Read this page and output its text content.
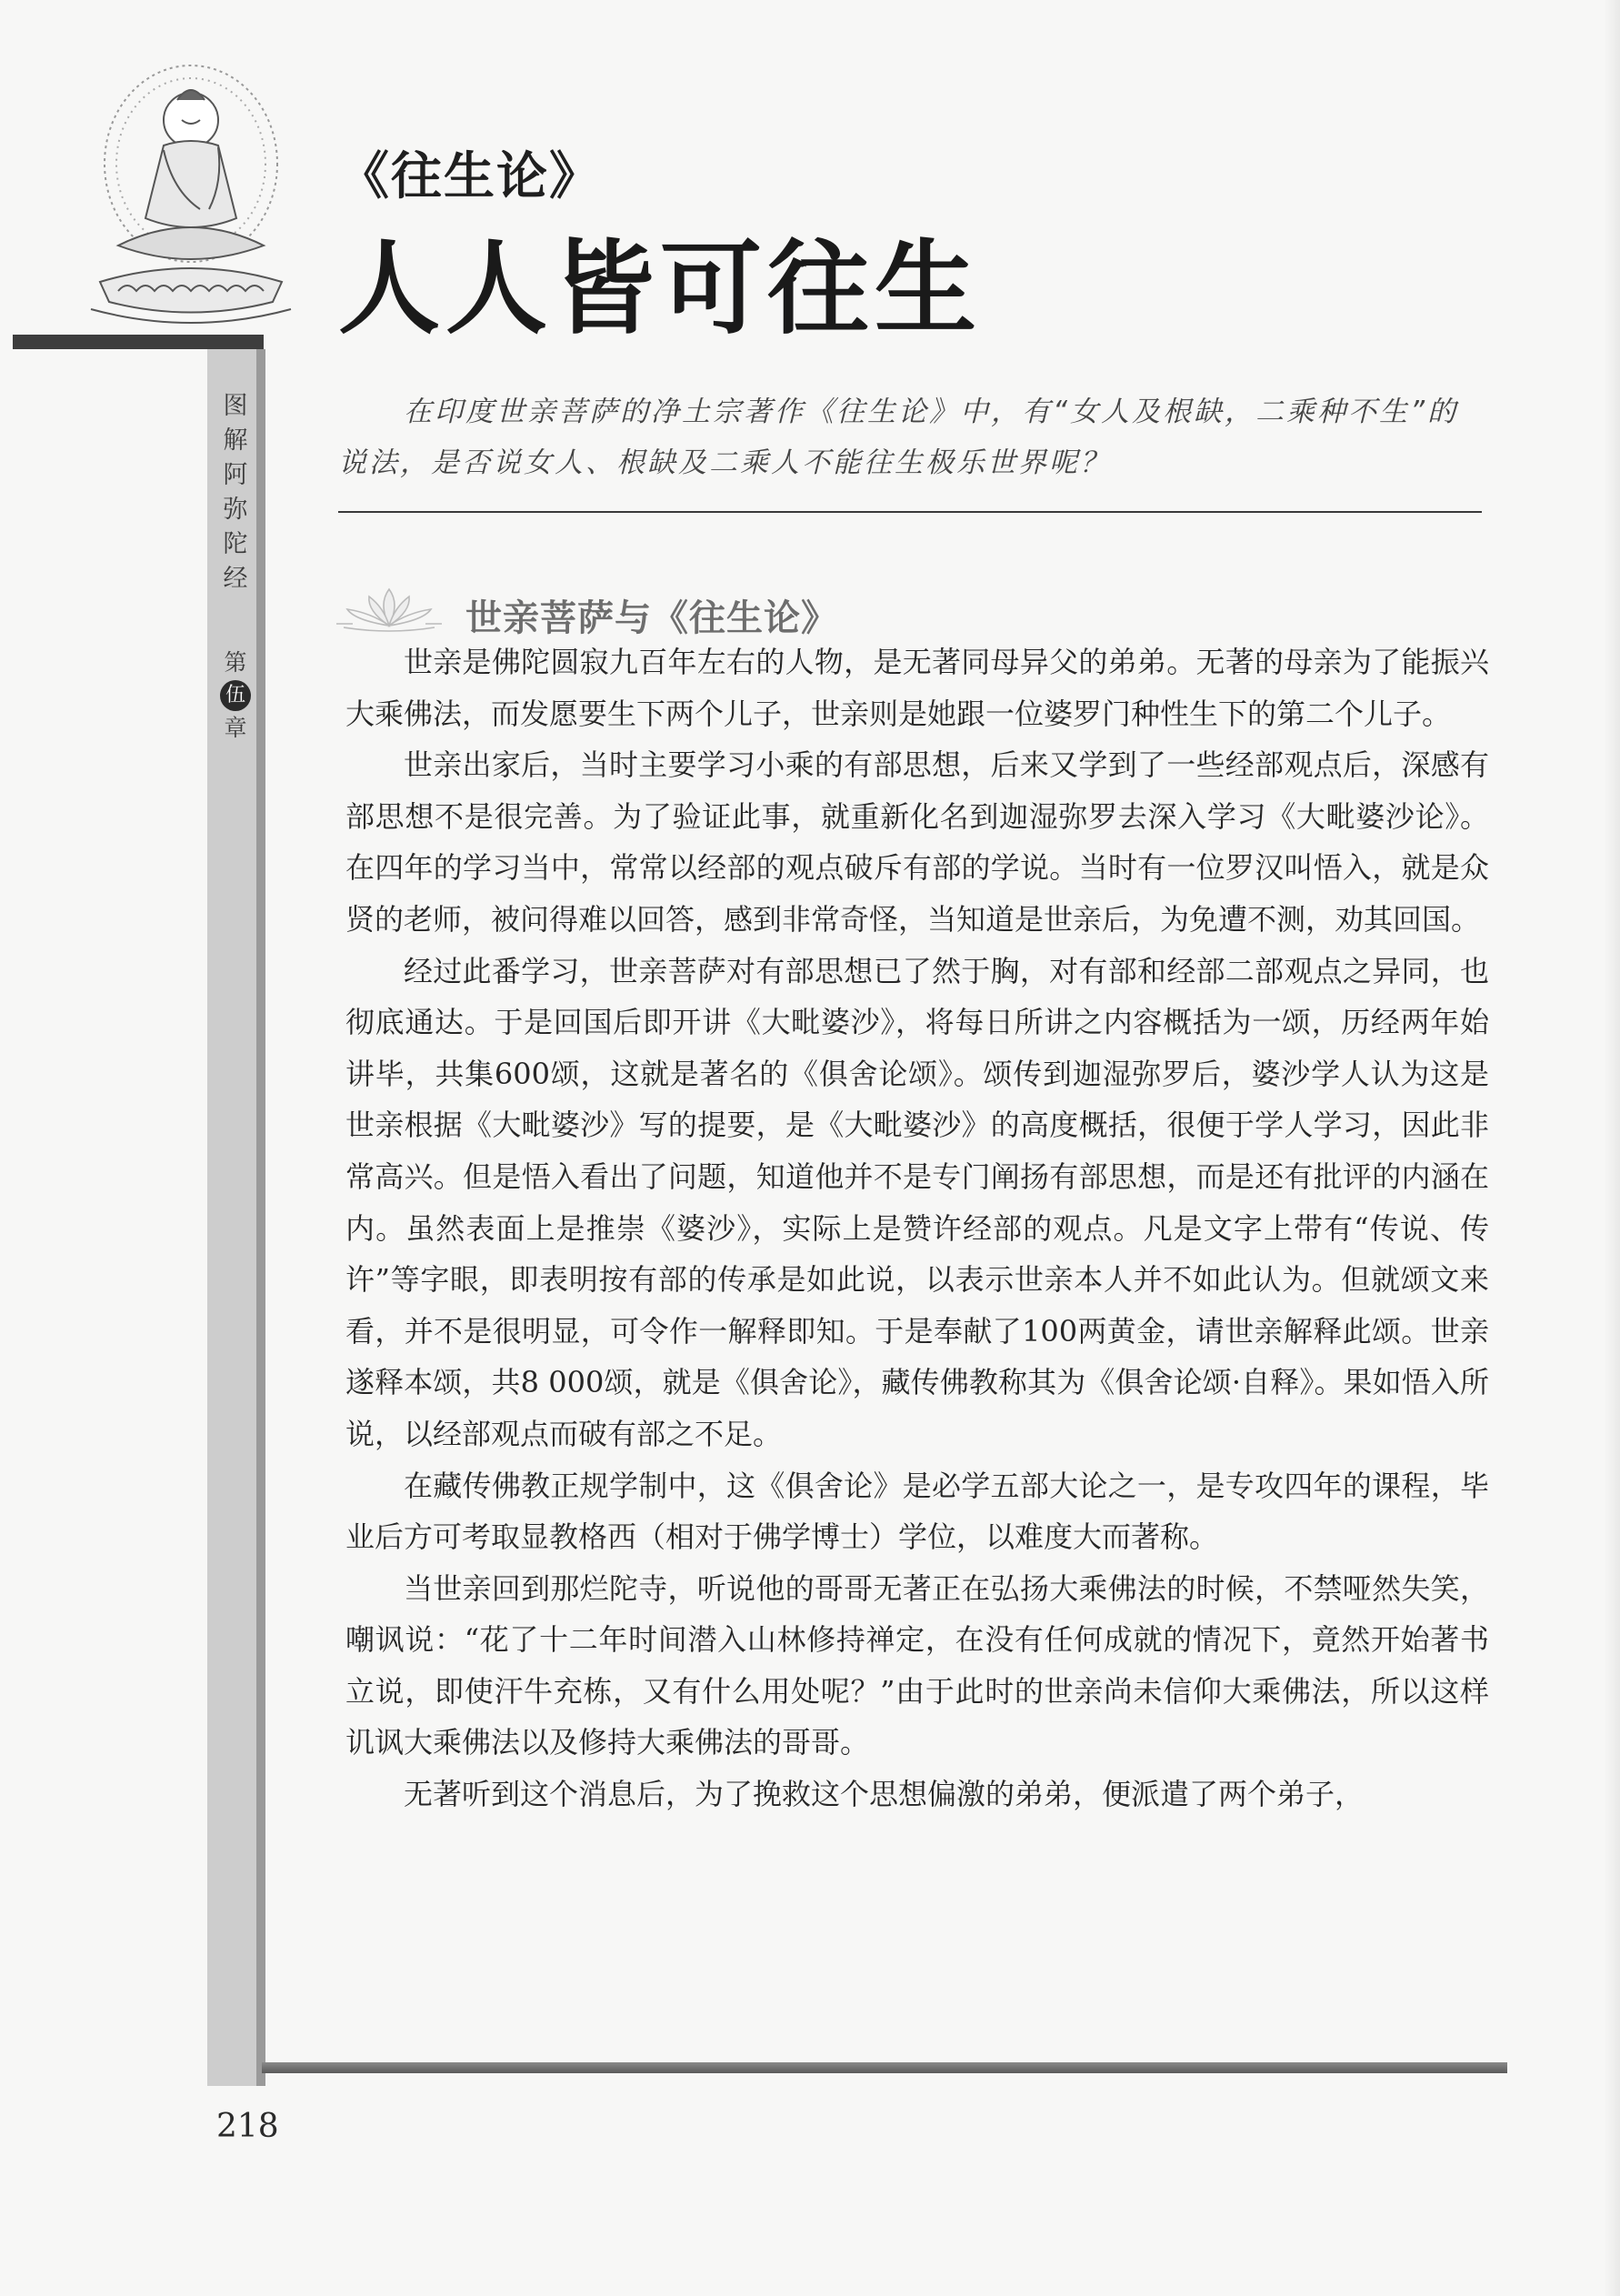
《往生论》
人人皆可往生
图
解
阿
弥
陀
经
第
伍
章

在印度世亲菩萨的净土宗著作《往生论》中，有“女人及根缺，二乘种不生”的说法，是否说女人、根缺及二乘人不能往生极乐世界呢？

世亲菩萨与《往生论》

世亲是佛陀圆寂九百年左右的人物，是无著同母异父的弟弟。无著的母亲为了能振兴大乘佛法，而发愿要生下两个儿子，世亲则是她跟一位婆罗门种性生下的第二个儿子。

世亲出家后，当时主要学习小乘的有部思想，后来又学到了一些经部观点后，深感有部思想不是很完善。为了验证此事，就重新化名到迦湿弥罗去深入学习《大毗婆沙论》。在四年的学习当中，常常以经部的观点破斥有部的学说。当时有一位罗汉叫悟入，就是众贤的老师，被问得难以回答，感到非常奇怪，当知道是世亲后，为免遭不测，劝其回国。

经过此番学习，世亲菩萨对有部思想已了然于胸，对有部和经部二部观点之异同，也彻底通达。于是回国后即开讲《大毗婆沙》，将每日所讲之内容概括为一颂，历经两年始讲毕，共集600颂，这就是著名的《俱舍论颂》。颂传到迦湿弥罗后，婆沙学人认为这是世亲根据《大毗婆沙》写的提要，是《大毗婆沙》的高度概括，很便于学人学习，因此非常高兴。但是悟入看出了问题，知道他并不是专门阐扬有部思想，而是还有批评的内涵在内。虽然表面上是推崇《婆沙》，实际上是赞许经部的观点。凡是文字上带有“传说、传许”等字眼，即表明按有部的传承是如此说，以表示世亲本人并不如此认为。但就颂文来看，并不是很明显，可令作一解释即知。于是奉献了100两黄金，请世亲解释此颂。世亲遂释本颂，共8 000颂，就是《俱舍论》，藏传佛教称其为《俱舍论颂·自释》。果如悟入所说，以经部观点而破有部之不足。

在藏传佛教正规学制中，这《俱舍论》是必学五部大论之一，是专攻四年的课程，毕业后方可考取显教格西（相对于佛学博士）学位，以难度大而著称。

当世亲回到那烂陀寺，听说他的哥哥无著正在弘扬大乘佛法的时候，不禁哑然失笑，嘲讽说：“花了十二年时间潜入山林修持禅定，在没有任何成就的情况下，竟然开始著书立说，即使汗牛充栋，又有什么用处呢？”由于此时的世亲尚未信仰大乘佛法，所以这样讥讽大乘佛法以及修持大乘佛法的哥哥。

无著听到这个消息后，为了挽救这个思想偏激的弟弟，便派遣了两个弟子，

218
